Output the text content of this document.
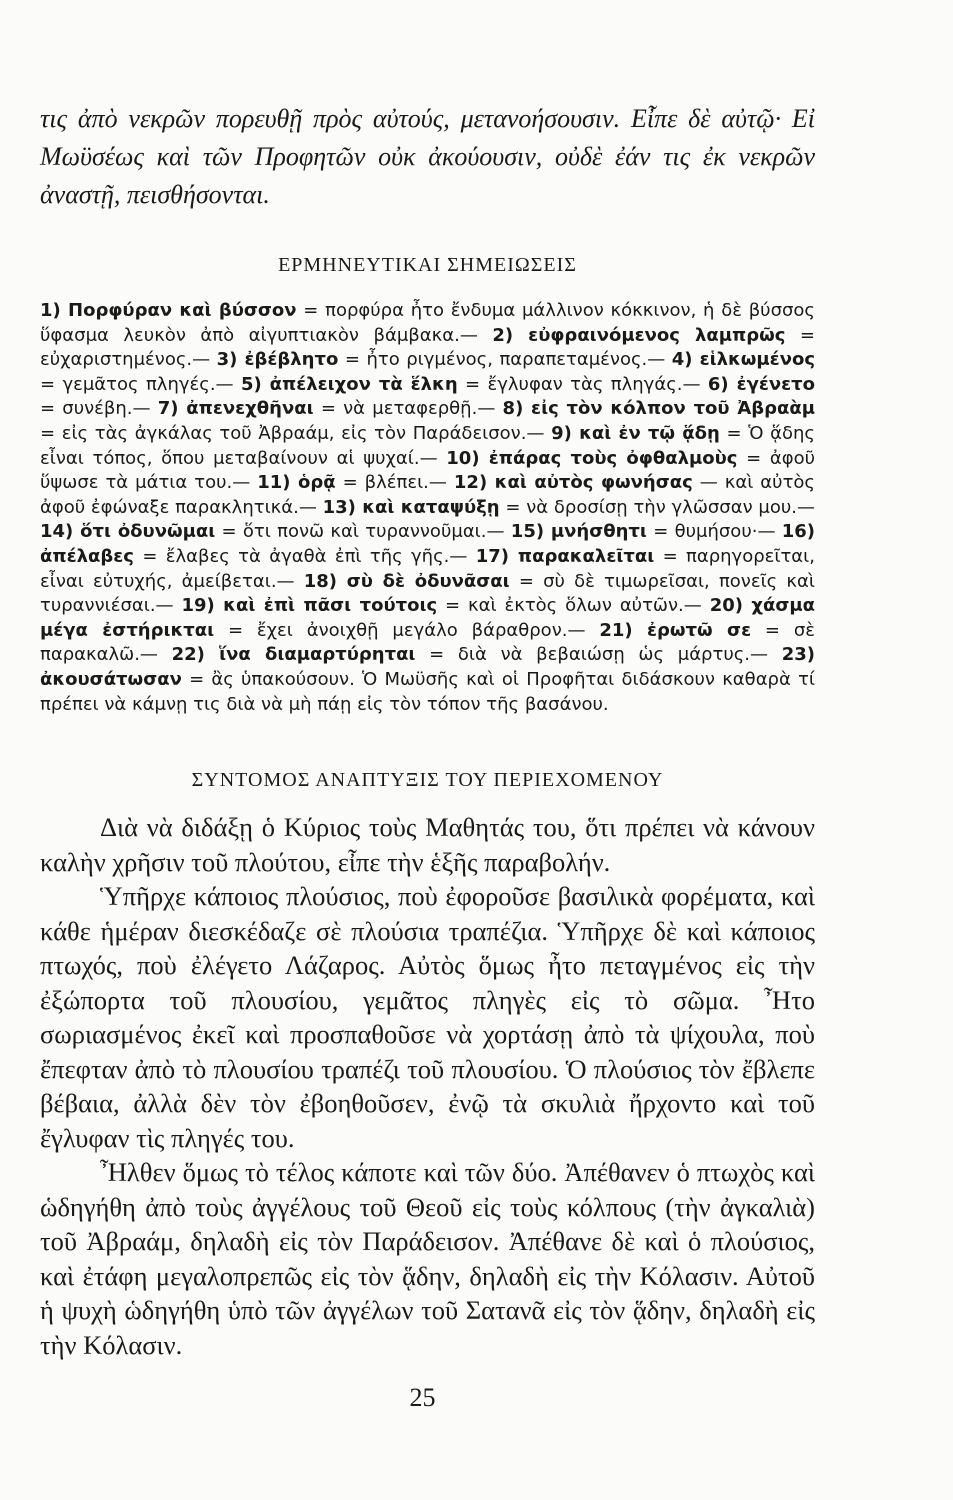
τις ἀπὸ νεκρῶν πορευθῇ πρὸς αὐτούς, μετανοήσουσιν. Εἶπε δὲ αὐτῷ· Εἰ Μωϋσέως καὶ τῶν Προφητῶν οὐκ ἀκούουσιν, οὐδὲ ἐάν τις ἐκ νεκρῶν ἀναστῇ, πεισθήσονται.

ΕΡΜΗΝΕΥΤΙΚΑΙ ΣΗΜΕΙΩΣΕΙΣ

1) Πορφύραν καὶ βύσσον = πορφύρα ἦτο ἔνδυμα μάλλινον κόκκινον, ἡ δὲ βύσσος ὕφασμα λευκὸν ἀπὸ αἰγυπτιακὸν βάμβακα.— 2) εὐφραινόμενος λαμπρῶς = εὐχαριστημένος.— 3) ἐβέβλητο = ἦτο ριγμένος, παραπεταμένος.— 4) εἱλκωμένος = γεμᾶτος πληγές.— 5) ἀπέλειχον τὰ ἕλκη = ἔγλυφαν τὰς πληγάς.— 6) ἐγένετο = συνέβη.— 7) ἀπενεχθῆναι = νὰ μεταφερθῇ.— 8) εἰς τὸν κόλπον τοῦ Ἀβραὰμ = εἰς τὰς ἀγκάλας τοῦ Ἀβραάμ, εἰς τὸν Παράδεισον.— 9) καὶ ἐν τῷ ᾅδῃ = Ὁ ᾅδης εἶναι τόπος, ὅπου μεταβαίνουν αἱ ψυχαί.— 10) ἐπάρας τοὺς ὀφθαλμοὺς = ἀφοῦ ὕψωσε τὰ μάτια του.— 11) ὁρᾷ = βλέπει.— 12) καὶ αὐτὸς φωνήσας — καὶ αὐτὸς ἀφοῦ ἐφώναξε παρακλητικά.— 13) καὶ καταψύξῃ = νὰ δροσίσῃ τὴν γλῶσσαν μου.— 14) ὅτι ὀδυνῶμαι = ὅτι πονῶ καὶ τυραννοῦμαι.— 15) μνήσθητι = θυμήσου·— 16) ἀπέλαβες = ἔλαβες τὰ ἀγαθὰ ἐπὶ τῆς γῆς.— 17) παρακαλεῖται = παρηγορεῖται, εἶναι εὐτυχής, ἀμείβεται.— 18) σὺ δὲ ὀδυνᾶσαι = σὺ δὲ τιμωρεῖσαι, πονεῖς καὶ τυραννιέσαι.— 19) καὶ ἐπὶ πᾶσι τούτοις = καὶ ἐκτὸς ὅλων αὐτῶν.— 20) χάσμα μέγα ἐστήρικται = ἔχει ἀνοιχθῇ μεγάλο βάραθρον.— 21) ἐρωτῶ σε = σὲ παρακαλῶ.— 22) ἵνα διαμαρτύρηται = διὰ νὰ βεβαιώσῃ ὡς μάρτυς.— 23) ἀκουσάτωσαν = ἂς ὑπακούσουν. Ὁ Μωϋσῆς καὶ οἱ Προφῆται διδάσκουν καθαρὰ τί πρέπει νὰ κάμνῃ τις διὰ νὰ μὴ πάῃ εἰς τὸν τόπον τῆς βασάνου.

ΣΥΝΤΟΜΟΣ ΑΝΑΠΤΥΞΙΣ ΤΟΥ ΠΕΡΙΕΧΟΜΕΝΟΥ

Διὰ νὰ διδάξῃ ὁ Κύριος τοὺς Μαθητάς του, ὅτι πρέπει νὰ κάνουν καλὴν χρῆσιν τοῦ πλούτου, εἶπε τὴν ἑξῆς παραβολήν.

Ὑπῆρχε κάποιος πλούσιος, ποὺ ἐφοροῦσε βασιλικὰ φορέματα, καὶ κάθε ἡμέραν διεσκέδαζε σὲ πλούσια τραπέζια. Ὑπῆρχε δὲ καὶ κάποιος πτωχός, ποὺ ἐλέγετο Λάζαρος. Αὐτὸς ὅμως ἦτο πεταγμένος εἰς τὴν ἐξώπορτα τοῦ πλουσίου, γεμᾶτος πληγὲς εἰς τὸ σῶμα. Ἦτο σωριασμένος ἐκεῖ καὶ προσπαθοῦσε νὰ χορτάσῃ ἀπὸ τὰ ψίχουλα, ποὺ ἔπεφταν ἀπὸ τὸ πλουσίου τραπέζι τοῦ πλουσίου. Ὁ πλούσιος τὸν ἔβλεπε βέβαια, ἀλλὰ δὲν τὸν ἐβοηθοῦσεν, ἐνῷ τὰ σκυλιὰ ἤρχοντο καὶ τοῦ ἔγλυφαν τὶς πληγές του.

Ἦλθεν ὅμως τὸ τέλος κάποτε καὶ τῶν δύο. Ἀπέθανεν ὁ πτωχὸς καὶ ὡδηγήθη ἀπὸ τοὺς ἀγγέλους τοῦ Θεοῦ εἰς τοὺς κόλπους (τὴν ἀγκαλιὰ) τοῦ Ἀβραάμ, δηλαδὴ εἰς τὸν Παράδεισον. Ἀπέθανε δὲ καὶ ὁ πλούσιος, καὶ ἐτάφη μεγαλοπρεπῶς εἰς τὸν ᾅδην, δηλαδὴ εἰς τὴν Κόλασιν. Αὐτοῦ ἡ ψυχὴ ὡδηγήθη ὑπὸ τῶν ἀγγέλων τοῦ Σατανᾶ εἰς τὸν ᾅδην, δηλαδὴ εἰς τὴν Κόλασιν.

25
